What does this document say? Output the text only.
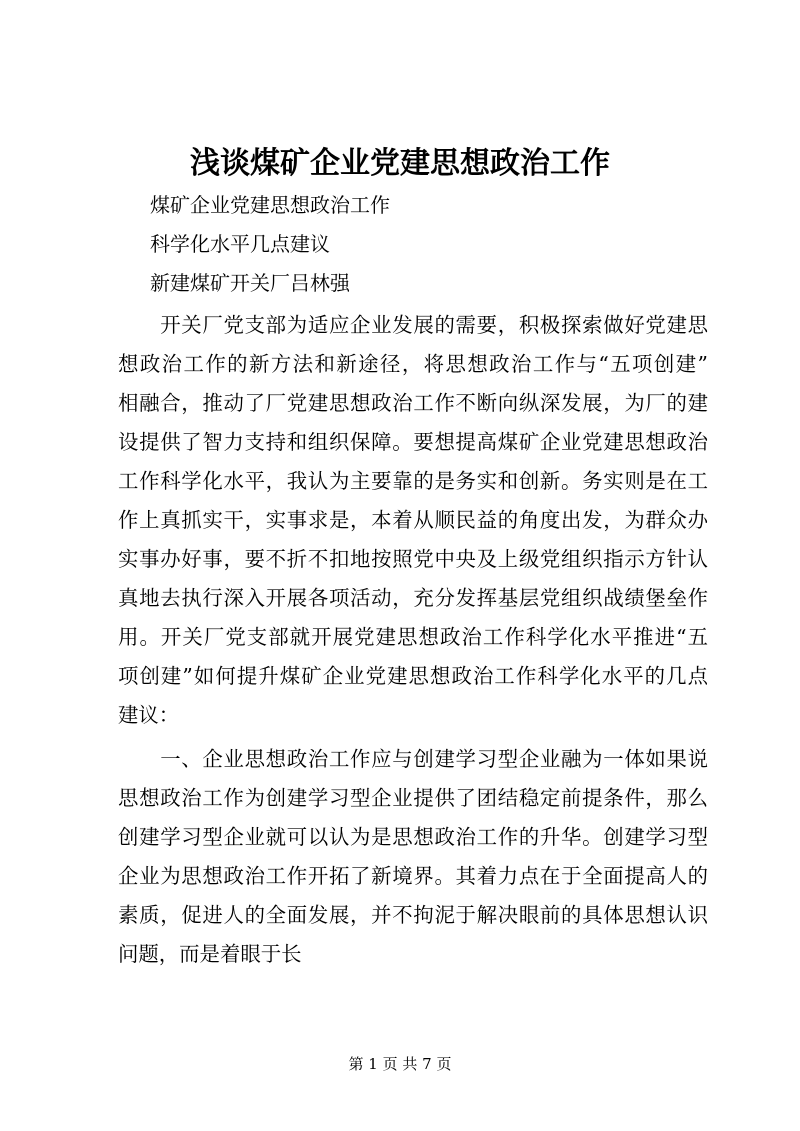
浅谈煤矿企业党建思想政治工作
煤矿企业党建思想政治工作
科学化水平几点建议
新建煤矿开关厂吕林强
　　开关厂党支部为适应企业发展的需要，积极探索做好党建思
想政治工作的新方法和新途径，将思想政治工作与“五项创建”
相融合，推动了厂党建思想政治工作不断向纵深发展，为厂的建
设提供了智力支持和组织保障。要想提高煤矿企业党建思想政治
工作科学化水平，我认为主要靠的是务实和创新。务实则是在工
作上真抓实干，实事求是，本着从顺民益的角度出发，为群众办
实事办好事，要不折不扣地按照党中央及上级党组织指示方针认
真地去执行深入开展各项活动，充分发挥基层党组织战绩堡垒作
用。开关厂党支部就开展党建思想政治工作科学化水平推进“五
项创建”如何提升煤矿企业党建思想政治工作科学化水平的几点
建议：
　　一、企业思想政治工作应与创建学习型企业融为一体如果说
思想政治工作为创建学习型企业提供了团结稳定前提条件，那么
创建学习型企业就可以认为是思想政治工作的升华。创建学习型
企业为思想政治工作开拓了新境界。其着力点在于全面提高人的
素质，促进人的全面发展，并不拘泥于解决眼前的具体思想认识
问题，而是着眼于长
第 1 页 共 7 页
